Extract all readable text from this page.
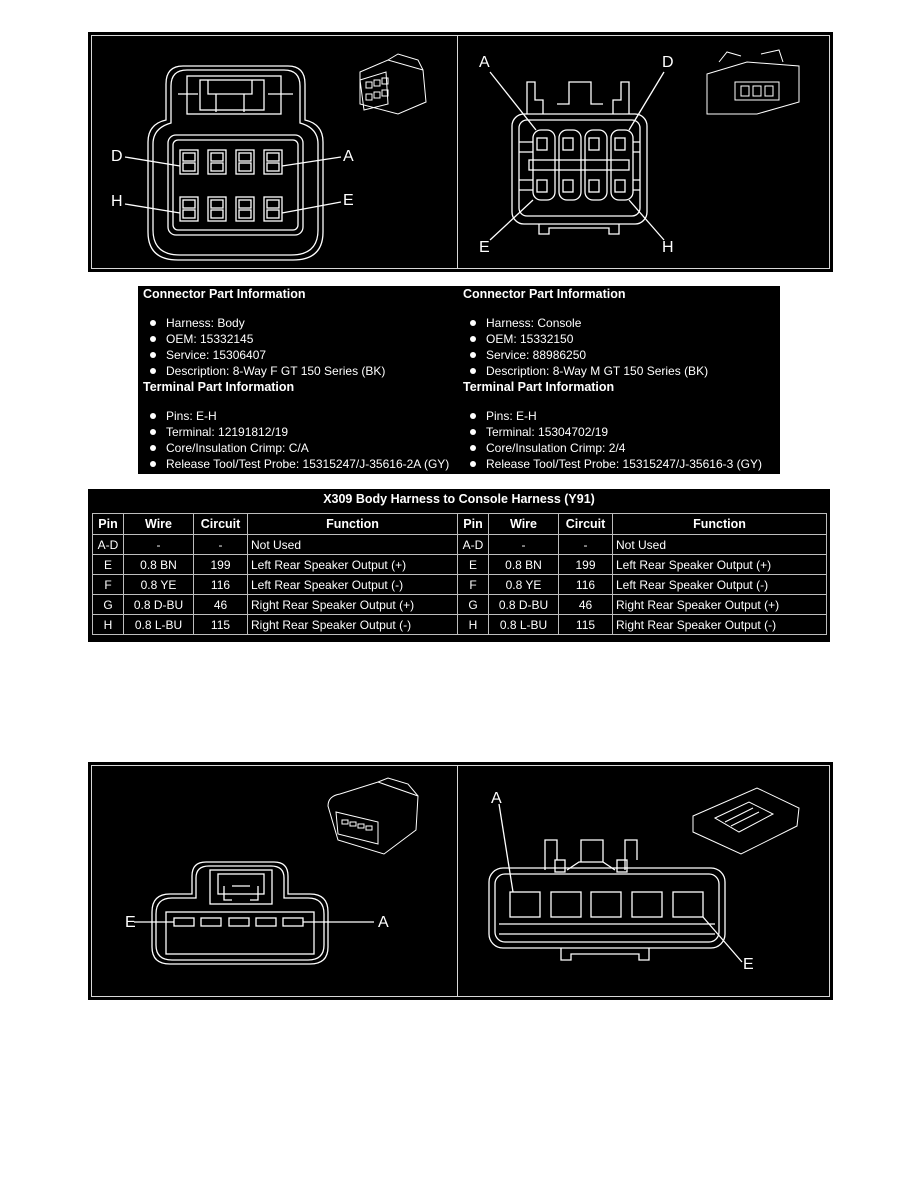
D	A
H	E
A	D
E	H
Connector Part Information
Harness: Body
OEM: 15332145
Service: 15306407
Description: 8-Way F GT 150 Series (BK)
Terminal Part Information
Pins: E-H
Terminal: 12191812/19
Core/Insulation Crimp: C/A
Release Tool/Test Probe: 15315247/J-35616-2A (GY)
Connector Part Information
Harness: Console
OEM: 15332150
Service: 88986250
Description: 8-Way M GT 150 Series (BK)
Terminal Part Information
Pins: E-H
Terminal: 15304702/19
Core/Insulation Crimp: 2/4
Release Tool/Test Probe: 15315247/J-35616-3 (GY)
X309 Body Harness to Console Harness (Y91)
Pin	Wire	Circuit	Function	Pin	Wire	Circuit	Function
A-D	-	-	Not Used	A-D	-	-	Not Used
E	0.8 BN	199	Left Rear Speaker Output (+)	E	0.8 BN	199	Left Rear Speaker Output (+)
F	0.8 YE	116	Left Rear Speaker Output (-)	F	0.8 YE	116	Left Rear Speaker Output (-)
G	0.8 D-BU	46	Right Rear Speaker Output (+)	G	0.8 D-BU	46	Right Rear Speaker Output (+)
H	0.8 L-BU	115	Right Rear Speaker Output (-)	H	0.8 L-BU	115	Right Rear Speaker Output (-)
E	A
A
E
